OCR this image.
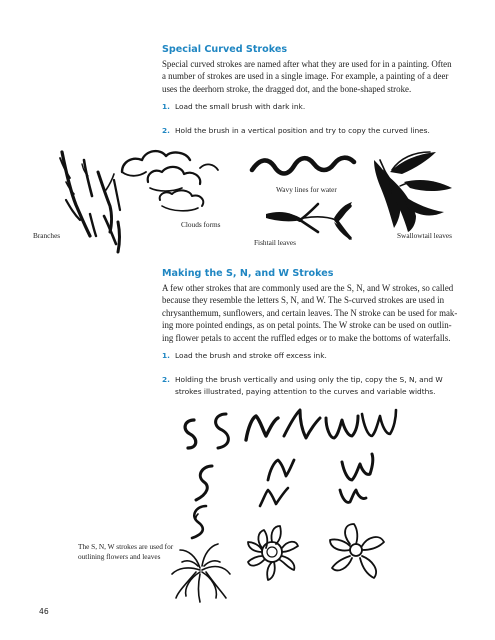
Special Curved Strokes
Special curved strokes are named after what they are used for in a painting. Often
a number of strokes are used in a single image. For example, a painting of a deer
uses the deerhorn stroke, the dragged dot, and the bone-shaped stroke.
1. Load the small brush with dark ink.
2. Hold the brush in a vertical position and try to copy the curved lines.
Branches
Clouds forms
Wavy lines for water
Fishtail leaves
Swallowtail leaves
Making the S, N, and W Strokes
A few other strokes that are commonly used are the S, N, and W strokes, so called
because they resemble the letters S, N, and W. The S-curved strokes are used in
chrysanthemum, sunflowers, and certain leaves. The N stroke can be used for mak-
ing more pointed endings, as on petal points. The W stroke can be used on outlin-
ing flower petals to accent the ruffled edges or to make the bottoms of waterfalls.
1. Load the brush and stroke off excess ink.
2. Holding the brush vertically and using only the tip, copy the S, N, and W
strokes illustrated, paying attention to the curves and variable widths.
The S, N, W strokes are used for
outlining flowers and leaves
46
